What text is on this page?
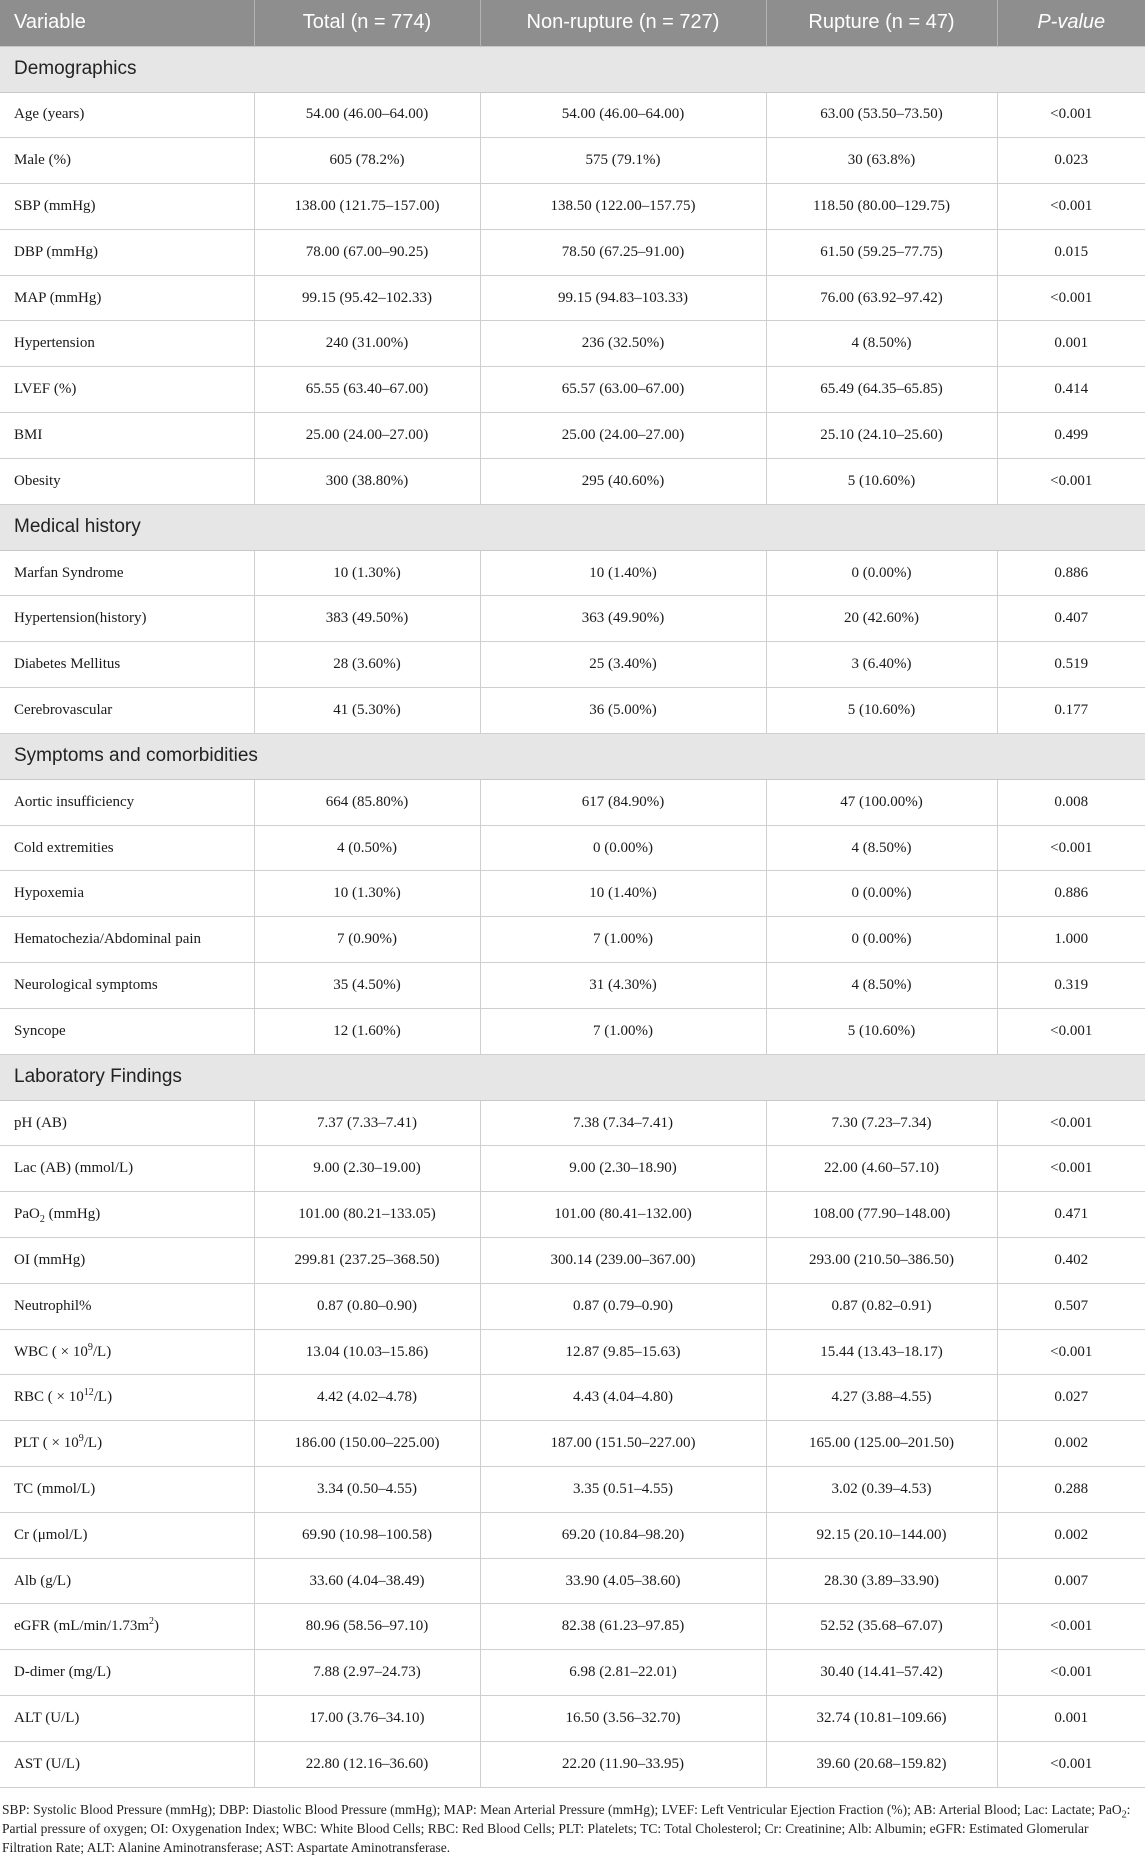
Variable	Total (n = 774)	Non-rupture (n = 727)	Rupture (n = 47)	P-value
Demographics				
Age (years)	54.00 (46.00–64.00)	54.00 (46.00–64.00)	63.00 (53.50–73.50)	<0.001
Male (%)	605 (78.2%)	575 (79.1%)	30 (63.8%)	0.023
SBP (mmHg)	138.00 (121.75–157.00)	138.50 (122.00–157.75)	118.50 (80.00–129.75)	<0.001
DBP (mmHg)	78.00 (67.00–90.25)	78.50 (67.25–91.00)	61.50 (59.25–77.75)	0.015
MAP (mmHg)	99.15 (95.42–102.33)	99.15 (94.83–103.33)	76.00 (63.92–97.42)	<0.001
Hypertension	240 (31.00%)	236 (32.50%)	4 (8.50%)	0.001
LVEF (%)	65.55 (63.40–67.00)	65.57 (63.00–67.00)	65.49 (64.35–65.85)	0.414
BMI	25.00 (24.00–27.00)	25.00 (24.00–27.00)	25.10 (24.10–25.60)	0.499
Obesity	300 (38.80%)	295 (40.60%)	5 (10.60%)	<0.001
Medical history				
Marfan Syndrome	10 (1.30%)	10 (1.40%)	0 (0.00%)	0.886
Hypertension(history)	383 (49.50%)	363 (49.90%)	20 (42.60%)	0.407
Diabetes Mellitus	28 (3.60%)	25 (3.40%)	3 (6.40%)	0.519
Cerebrovascular	41 (5.30%)	36 (5.00%)	5 (10.60%)	0.177
Symptoms and comorbidities				
Aortic insufficiency	664 (85.80%)	617 (84.90%)	47 (100.00%)	0.008
Cold extremities	4 (0.50%)	0 (0.00%)	4 (8.50%)	<0.001
Hypoxemia	10 (1.30%)	10 (1.40%)	0 (0.00%)	0.886
Hematochezia/Abdominal pain	7 (0.90%)	7 (1.00%)	0 (0.00%)	1.000
Neurological symptoms	35 (4.50%)	31 (4.30%)	4 (8.50%)	0.319
Syncope	12 (1.60%)	7 (1.00%)	5 (10.60%)	<0.001
Laboratory Findings				
pH (AB)	7.37 (7.33–7.41)	7.38 (7.34–7.41)	7.30 (7.23–7.34)	<0.001
Lac (AB) (mmol/L)	9.00 (2.30–19.00)	9.00 (2.30–18.90)	22.00 (4.60–57.10)	<0.001
PaO$_2$ (mmHg)	101.00 (80.21–133.05)	101.00 (80.41–132.00)	108.00 (77.90–148.00)	0.471
OI (mmHg)	299.81 (237.25–368.50)	300.14 (239.00–367.00)	293.00 (210.50–386.50)	0.402
Neutrophil%	0.87 (0.80–0.90)	0.87 (0.79–0.90)	0.87 (0.82–0.91)	0.507
WBC ( × $10^9/L$)	13.04 (10.03–15.86)	12.87 (9.85–15.63)	15.44 (13.43–18.17)	<0.001
RBC ( × $10^{12}/L$)	4.42 (4.02–4.78)	4.43 (4.04–4.80)	4.27 (3.88–4.55)	0.027
PLT ( × $10^9/L$)	186.00 (150.00–225.00)	187.00 (151.50–227.00)	165.00 (125.00–201.50)	0.002
TC (mmol/L)	3.34 (0.50–4.55)	3.35 (0.51–4.55)	3.02 (0.39–4.53)	0.288
Cr (μmol/L)	69.90 (10.98–100.58)	69.20 (10.84–98.20)	92.15 (20.10–144.00)	0.002
Alb (g/L)	33.60 (4.04–38.49)	33.90 (4.05–38.60)	28.30 (3.89–33.90)	0.007
eGFR $(mL/\min/1.73m^2)$	80.96 (58.56–97.10)	82.38 (61.23–97.85)	52.52 (35.68–67.07)	<0.001
D-dimer (mg/L)	7.88 (2.97–24.73)	6.98 (2.81–22.01)	30.40 (14.41–57.42)	<0.001
ALT (U/L)	17.00 (3.76–34.10)	16.50 (3.56–32.70)	32.74 (10.81–109.66)	0.001
AST (U/L)	22.80 (12.16–36.60)	22.20 (11.90–33.95)	39.60 (20.68–159.82)	<0.001
SBP: Systolic Blood Pressure (mmHg); DBP: Diastolic Blood Pressure (mmHg); MAP: Mean Arterial Pressure (mmHg); LVEF: Left Ventricular Ejection Fraction (%); AB: Arterial Blood; Lac: Lactate; PaO$_2$: Partial pressure of oxygen; OI: Oxygenation Index; WBC: White Blood Cells; RBC: Red Blood Cells; PLT: Platelets; TC: Total Cholesterol; Cr: Creatinine; Alb: Albumin; eGFR: Estimated Glomerular Filtration Rate; ALT: Alanine Aminotransferase; AST: Aspartate Aminotransferase.
